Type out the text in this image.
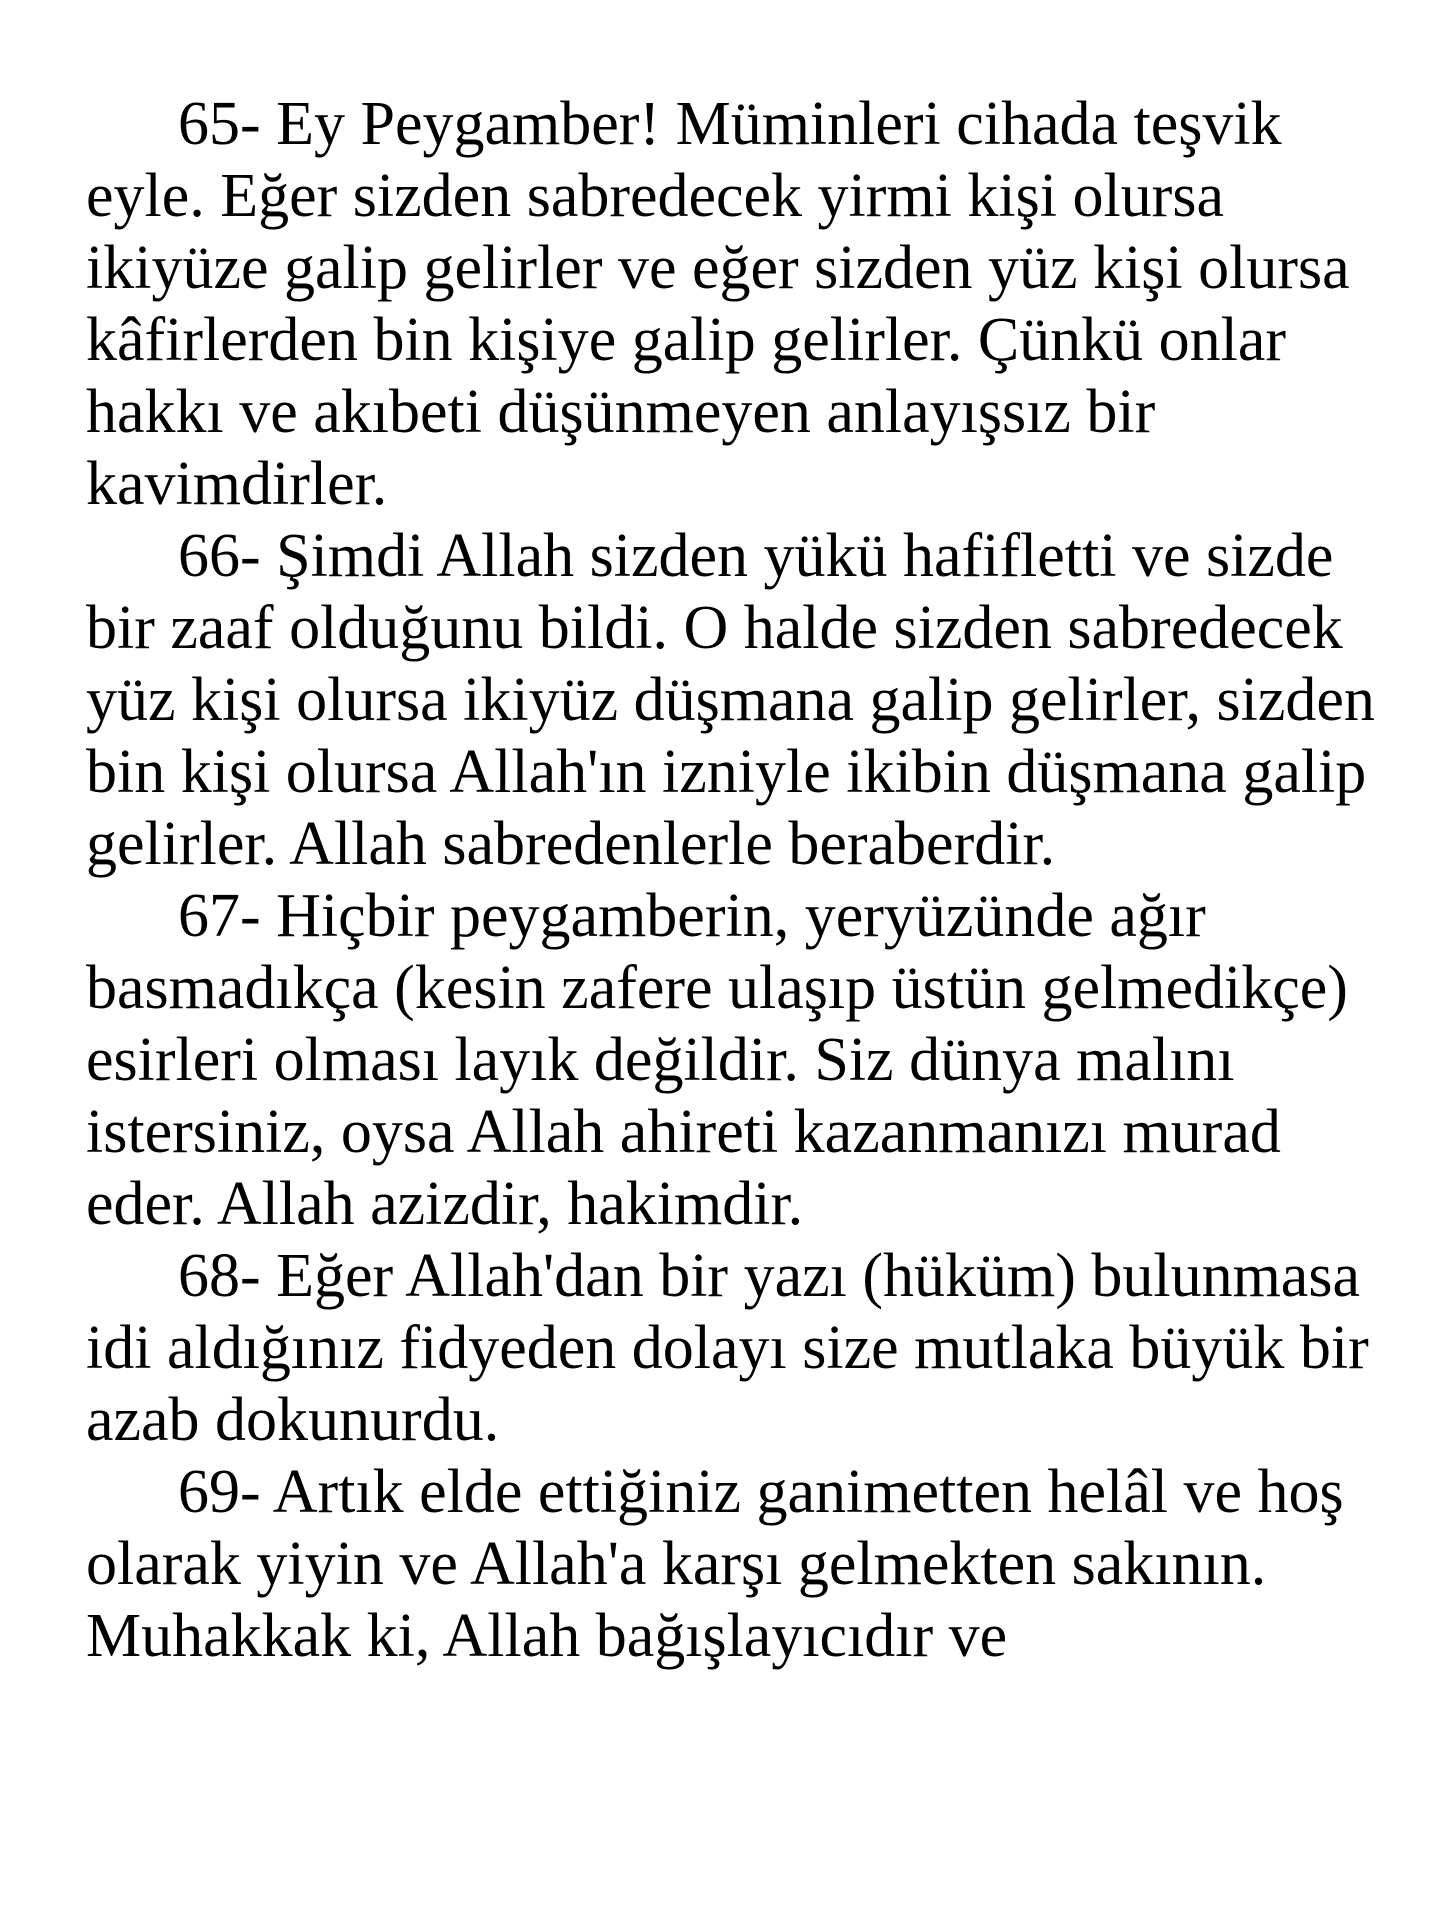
65- Ey Peygamber! Müminleri cihada teşvik eyle. Eğer sizden sabredecek yirmi kişi olursa ikiyüze galip gelirler ve eğer sizden yüz kişi olursa kâfirlerden bin kişiye galip gelirler. Çünkü onlar hakkı ve akıbeti düşünmeyen anlayışsız bir kavimdirler.

66- Şimdi Allah sizden yükü hafifletti ve sizde bir zaaf olduğunu bildi. O halde sizden sabredecek yüz kişi olursa ikiyüz düşmana galip gelirler, sizden bin kişi olursa Allah'ın izniyle ikibin düşmana galip gelirler. Allah sabredenlerle beraberdir.

67- Hiçbir peygamberin, yeryüzünde ağır basmadıkça (kesin zafere ulaşıp üstün gelmedikçe) esirleri olması layık değildir. Siz dünya malını istersiniz, oysa Allah ahireti kazanmanızı murad eder. Allah azizdir, hakimdir.

68- Eğer Allah'dan bir yazı (hüküm) bulunmasa idi aldığınız fidyeden dolayı size mutlaka büyük bir azab dokunurdu.

69- Artık elde ettiğiniz ganimetten helâl ve hoş olarak yiyin ve Allah'a karşı gelmekten sakının. Muhakkak ki, Allah bağışlayıcıdır ve
